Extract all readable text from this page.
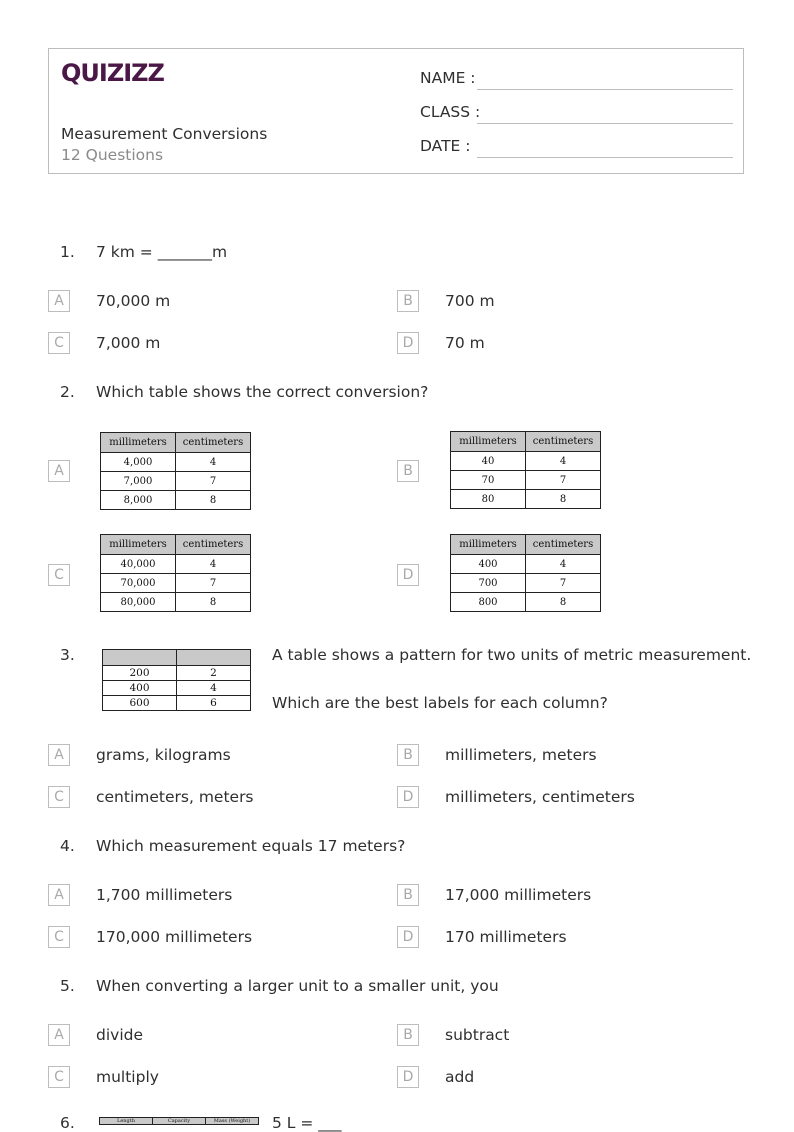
QUIZIZZ
Measurement Conversions
12 Questions
NAME :
CLASS :
DATE :
1. 7 km = _______m
A	70,000 m	B	700 m
C	7,000 m	D	70 m
2. Which table shows the correct conversion?
A
millimeters	centimeters
4,000	4
7,000	7
8,000	8
B
millimeters	centimeters
40	4
70	7
80	8
C
millimeters	centimeters
40,000	4
70,000	7
80,000	8
D
millimeters	centimeters
400	4
700	7
800	8
3.

200	2
400	4
600	6
A table shows a pattern for two units of metric measurement.
Which are the best labels for each column?
A	grams, kilograms	B	millimeters, meters
C	centimeters, meters	D	millimeters, centimeters
4. Which measurement equals 17 meters?
A	1,700 millimeters	B	17,000 millimeters
C	170,000 millimeters	D	170 millimeters
5. When converting a larger unit to a smaller unit, you
A	divide	B	subtract
C	multiply	D	add
6.	Length	Capacity	Mass (Weight) 5 L = ___
